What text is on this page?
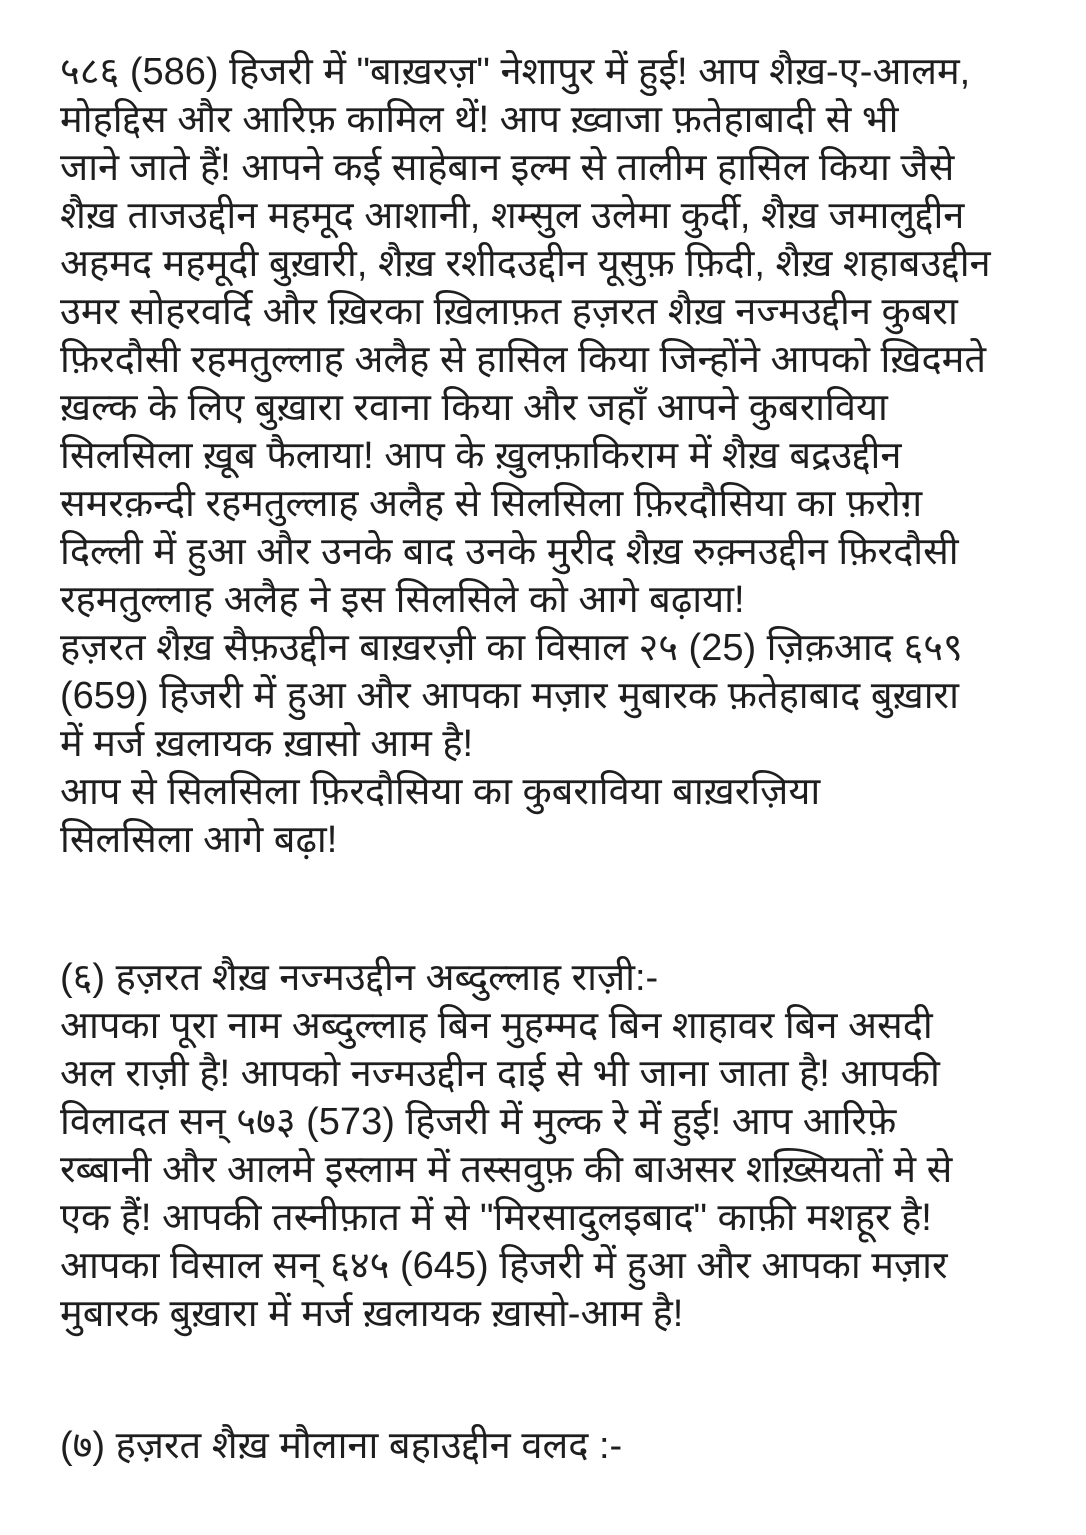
५८६ (586) हिजरी में "बाख़रज़" नेशापुर में हुई! आप शैख़-ए-आलम,
मोहद्दिस और आरिफ़ कामिल थें! आप ख़्वाजा फ़तेहाबादी से भी
जाने जाते हैं! आपने कई साहेबान इल्म से तालीम हासिल किया जैसे
शैख़ ताजउद्दीन महमूद आशानी, शम्सुल उलेमा कुर्दी, शैख़ जमालुद्दीन
अहमद महमूदी बुख़ारी, शैख़ रशीदउद्दीन यूसुफ़ फ़िदी, शैख़ शहाबउद्दीन
उमर सोहरवर्दि और ख़िरका ख़िलाफ़त हज़रत शैख़ नज्मउद्दीन कुबरा
फ़िरदौसी रहमतुल्लाह अलैह से हासिल किया जिन्होंने आपको ख़िदमते
ख़ल्क के लिए बुख़ारा रवाना किया और जहाँ आपने कुबराविया
सिलसिला ख़ूब फैलाया! आप के ख़ुलफ़ाकिराम में शैख़ बद्रउद्दीन
समरक़न्दी रहमतुल्लाह अलैह से सिलसिला फ़िरदौसिया का फ़रोग़
दिल्ली में हुआ और उनके बाद उनके मुरीद शैख़ रुक़्नउद्दीन फ़िरदौसी
रहमतुल्लाह अलैह ने इस सिलसिले को आगे बढ़ाया!
हज़रत शैख़ सैफ़उद्दीन बाख़रज़ी का विसाल २५ (25) ज़िक़आद ६५९
(659) हिजरी में हुआ और आपका मज़ार मुबारक फ़तेहाबाद बुख़ारा
में मर्ज ख़लायक ख़ासो आम है!
आप से सिलसिला फ़िरदौसिया का कुबराविया बाख़रज़िया
सिलसिला आगे बढ़ा!
(६) हज़रत शैख़ नज्मउद्दीन अब्दुल्लाह राज़ी:-
आपका पूरा नाम अब्दुल्लाह बिन मुहम्मद बिन शाहावर बिन असदी
अल राज़ी है! आपको नज्मउद्दीन दाई से भी जाना जाता है! आपकी
विलादत सन् ५७३ (573) हिजरी में मुल्क रे में हुई! आप आरिफ़े
रब्बानी और आलमे इस्लाम में तस्सवुफ़ की बाअसर शख़्सियतों मे से
एक हैं! आपकी तस्नीफ़ात में से "मिरसादुलइबाद" काफ़ी मशहूर है!
आपका विसाल सन् ६४५ (645) हिजरी में हुआ और आपका मज़ार
मुबारक बुख़ारा में मर्ज ख़लायक ख़ासो-आम है!
(७) हज़रत शैख़ मौलाना बहाउद्दीन वलद :-
